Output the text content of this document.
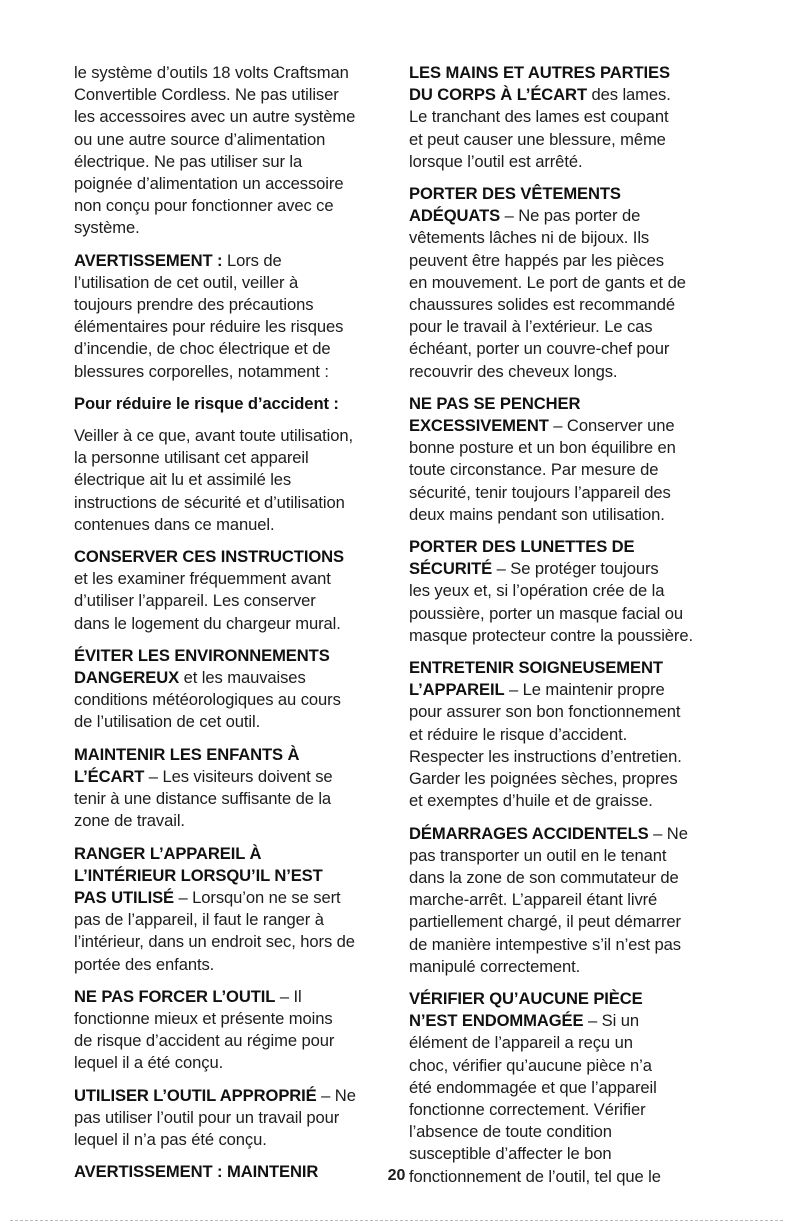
le système d’outils 18 volts Craftsman
Convertible Cordless. Ne pas utiliser
les accessoires avec un autre système
ou une autre source d’alimentation
électrique. Ne pas utiliser sur la
poignée d’alimentation un accessoire
non conçu pour fonctionner avec ce
système.

AVERTISSEMENT : Lors de
l’utilisation de cet outil, veiller à
toujours prendre des précautions
élémentaires pour réduire les risques
d’incendie, de choc électrique et de
blessures corporelles, notamment :

Pour réduire le risque d’accident :

Veiller à ce que, avant toute utilisation,
la personne utilisant cet appareil
électrique ait lu et assimilé les
instructions de sécurité et d’utilisation
contenues dans ce manuel.

CONSERVER CES INSTRUCTIONS
et les examiner fréquemment avant
d’utiliser l’appareil. Les conserver
dans le logement du chargeur mural.

ÉVITER LES ENVIRONNEMENTS
DANGEREUX et les mauvaises
conditions météorologiques au cours
de l’utilisation de cet outil.

MAINTENIR LES ENFANTS À
L’ÉCART – Les visiteurs doivent se
tenir à une distance suffisante de la
zone de travail.

RANGER L’APPAREIL À
L’INTÉRIEUR LORSQU’IL N’EST
PAS UTILISÉ – Lorsqu’on ne se sert
pas de l’appareil, il faut le ranger à
l’intérieur, dans un endroit sec, hors de
portée des enfants.

NE PAS FORCER L’OUTIL – Il
fonctionne mieux et présente moins
de risque d’accident au régime pour
lequel il a été conçu.

UTILISER L’OUTIL APPROPRIÉ – Ne
pas utiliser l’outil pour un travail pour
lequel il n’a pas été conçu.

AVERTISSEMENT : MAINTENIR

LES MAINS ET AUTRES PARTIES
DU CORPS À L’ÉCART des lames.
Le tranchant des lames est coupant
et peut causer une blessure, même
lorsque l’outil est arrêté.

PORTER DES VÊTEMENTS
ADÉQUATS – Ne pas porter de
vêtements lâches ni de bijoux. Ils
peuvent être happés par les pièces
en mouvement. Le port de gants et de
chaussures solides est recommandé
pour le travail à l’extérieur. Le cas
échéant, porter un couvre-chef pour
recouvrir des cheveux longs.

NE PAS SE PENCHER
EXCESSIVEMENT – Conserver une
bonne posture et un bon équilibre en
toute circonstance. Par mesure de
sécurité, tenir toujours l’appareil des
deux mains pendant son utilisation.

PORTER DES LUNETTES DE
SÉCURITÉ – Se protéger toujours
les yeux et, si l’opération crée de la
poussière, porter un masque facial ou
masque protecteur contre la poussière.

ENTRETENIR SOIGNEUSEMENT
L’APPAREIL – Le maintenir propre
pour assurer son bon fonctionnement
et réduire le risque d’accident.
Respecter les instructions d’entretien.
Garder les poignées sèches, propres
et exemptes d’huile et de graisse.

DÉMARRAGES ACCIDENTELS – Ne
pas transporter un outil en le tenant
dans la zone de son commutateur de
marche-arrêt. L’appareil étant livré
partiellement chargé, il peut démarrer
de manière intempestive s’il n’est pas
manipulé correctement.

VÉRIFIER QU’AUCUNE PIÈCE
N’EST ENDOMMAGÉE – Si un
élément de l’appareil a reçu un
choc, vérifier qu’aucune pièce n’a
été endommagée et que l’appareil
fonctionne correctement. Vérifier
l’absence de toute condition
susceptible d’affecter le bon
fonctionnement de l’outil, tel que le

20
